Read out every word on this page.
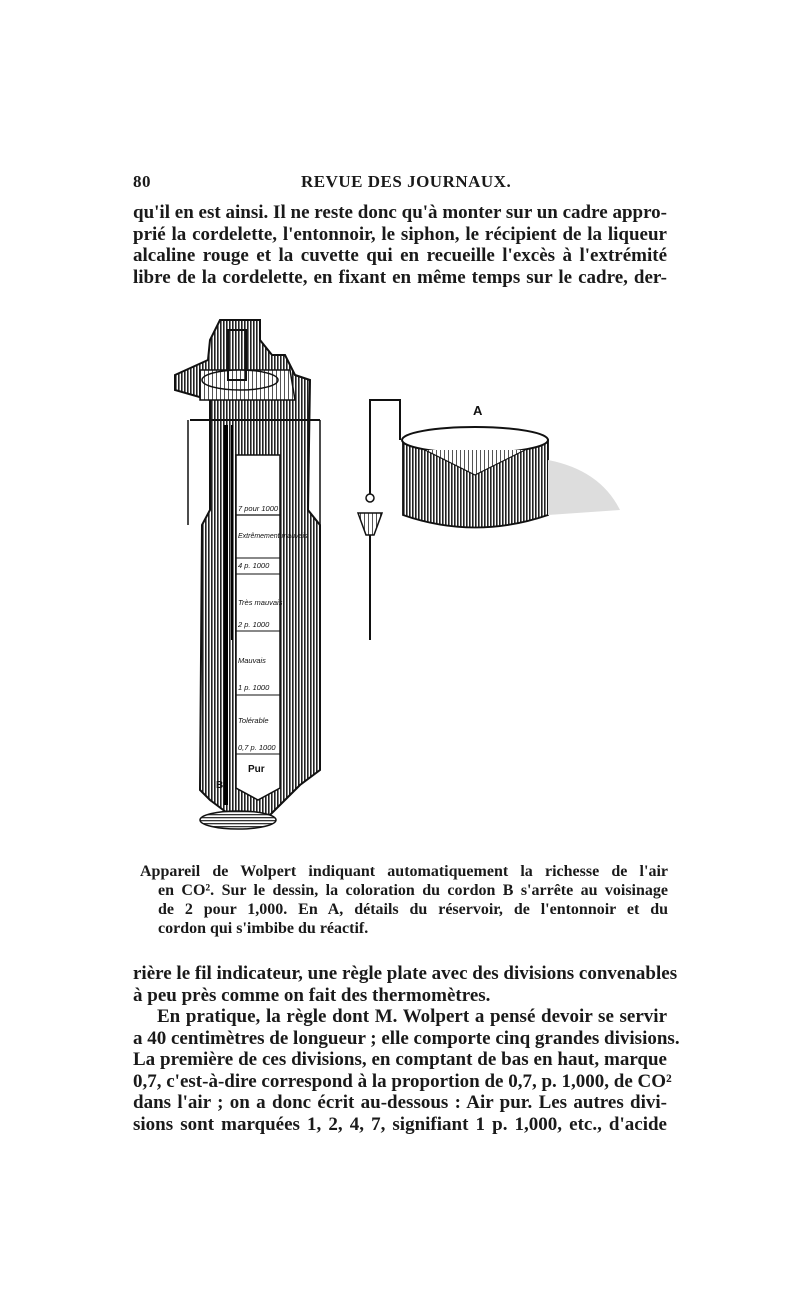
80	REVUE DES JOURNAUX.
qu'il en est ainsi. Il ne reste donc qu'à monter sur un cadre appro-
prié la cordelette, l'entonnoir, le siphon, le récipient de la liqueur
alcaline rouge et la cuvette qui en recueille l'excès à l'extrémité
libre de la cordelette, en fixant en même temps sur le cadre, der-
B
7 pour 1000
Extrêmement mauvais
4 p. 1000
Très mauvais
2 p. 1000
Mauvais
1 p. 1000
Tolérable
0,7 p. 1000
Pur
A
Appareil de Wolpert indiquant automatiquement la richesse de l'air
en CO². Sur le dessin, la coloration du cordon B s'arrête au voisinage
de 2 pour 1,000. En A, détails du réservoir, de l'entonnoir et du
cordon qui s'imbibe du réactif.
rière le fil indicateur, une règle plate avec des divisions convenables
à peu près comme on fait des thermomètres.
En pratique, la règle dont M. Wolpert a pensé devoir se servir
a 40 centimètres de longueur ; elle comporte cinq grandes divisions.
La première de ces divisions, en comptant de bas en haut, marque
0,7, c'est-à-dire correspond à la proportion de 0,7, p. 1,000, de CO²
dans l'air ; on a donc écrit au-dessous : Air pur. Les autres divi-
sions sont marquées 1, 2, 4, 7, signifiant 1 p. 1,000, etc., d'acide
